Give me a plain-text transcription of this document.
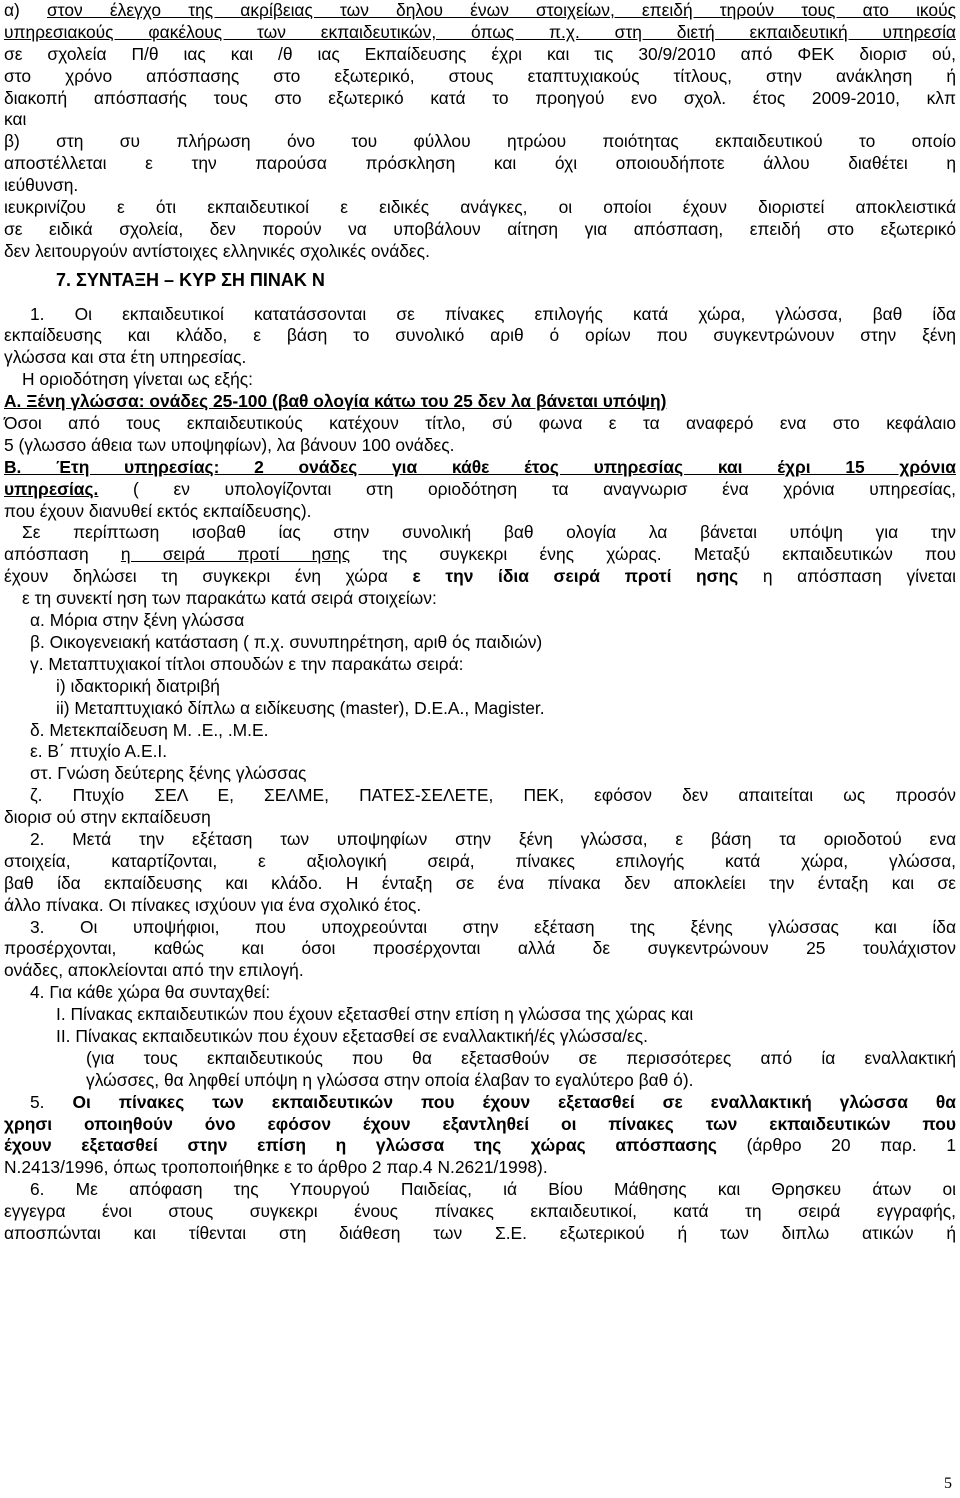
α) στον έλεγχο της ακρίβειας των δηλου ένων στοιχείων, επειδή τηρούν τους ατο ικούς
υπηρεσιακούς φακέλους των εκπαιδευτικών, όπως π.χ. στη διετή εκπαιδευτική υπηρεσία
σε σχολεία Π/θ ιας και /θ ιας Εκπαίδευσης έχρι και τις 30/9/2010 από ΦΕΚ διορισ ού,
στο χρόνο απόσπασης στο εξωτερικό, στους εταπτυχιακούς τίτλους, στην ανάκληση ή
διακοπή απόσπασής τους στο εξωτερικό κατά το προηγού ενο σχολ. έτος 2009-2010, κλπ
και
β) στη συ πλήρωση όνο του φύλλου ητρώου ποιότητας εκπαιδευτικού το οποίο
αποστέλλεται ε την παρούσα πρόσκληση και όχι οποιουδήποτε άλλου διαθέτει η
ιεύθυνση.
ιευκρινίζου ε ότι εκπαιδευτικοί ε ειδικές ανάγκες, οι οποίοι έχουν διοριστεί αποκλειστικά
σε ειδικά σχολεία, δεν πορούν να υποβάλουν αίτηση για απόσπαση, επειδή στο εξωτερικό
δεν λειτουργούν αντίστοιχες ελληνικές σχολικές ονάδες.
7. ΣΥΝΤΑΞΗ – ΚΥΡ ΣΗ ΠΙΝΑΚ Ν
1. Οι εκπαιδευτικοί κατατάσσονται σε πίνακες επιλογής κατά χώρα, γλώσσα, βαθ ίδα
εκπαίδευσης και κλάδο, ε βάση το συνολικό αριθ ό ορίων που συγκεντρώνουν στην ξένη
γλώσσα και στα έτη υπηρεσίας.
Η οριοδότηση γίνεται ως εξής:
Α. Ξένη γλώσσα: ονάδες 25-100 (βαθ ολογία κάτω του 25 δεν λα βάνεται υπόψη)
Όσοι από τους εκπαιδευτικούς κατέχουν τίτλο, σύ φωνα ε τα αναφερό ενα στο κεφάλαιο
5 (γλωσσο άθεια των υποψηφίων), λα βάνουν 100 ονάδες.
Β. Έτη υπηρεσίας: 2 ονάδες για κάθε έτος υπηρεσίας και έχρι 15 χρόνια
υπηρεσίας. ( εν υπολογίζονται στη οριοδότηση τα αναγνωρισ ένα χρόνια υπηρεσίας,
που έχουν διανυθεί εκτός εκπαίδευσης).
Σε περίπτωση ισοβαθ ίας στην συνολική βαθ ολογία λα βάνεται υπόψη για την
απόσπαση η σειρά προτί ησης της συγκεκρι ένης χώρας. Μεταξύ εκπαιδευτικών που
έχουν δηλώσει τη συγκεκρι ένη χώρα ε την ίδια σειρά προτί ησης η απόσπαση γίνεται
ε τη συνεκτί ηση των παρακάτω κατά σειρά στοιχείων:
α. Μόρια στην ξένη γλώσσα
β. Οικογενειακή κατάσταση ( π.χ. συνυπηρέτηση, αριθ ός παιδιών)
γ. Μεταπτυχιακοί τίτλοι σπουδών ε την παρακάτω σειρά:
i) ιδακτορική διατριβή
ii) Μεταπτυχιακό δίπλω α ειδίκευσης (master), D.E.A., Magister.
δ. Μετεκπαίδευση Μ. .Ε., .Μ.Ε.
ε. Β΄ πτυχίο Α.Ε.Ι.
στ. Γνώση δεύτερης ξένης γλώσσας
ζ. Πτυχίο ΣΕΛ Ε, ΣΕΛΜΕ, ΠΑΤΕΣ-ΣΕΛΕΤΕ, ΠΕΚ, εφόσον δεν απαιτείται ως προσόν
διορισ ού στην εκπαίδευση
2. Μετά την εξέταση των υποψηφίων στην ξένη γλώσσα, ε βάση τα οριοδοτού ενα
στοιχεία, καταρτίζονται, ε αξιολογική σειρά, πίνακες επιλογής κατά χώρα, γλώσσα,
βαθ ίδα εκπαίδευσης και κλάδο. Η ένταξη σε ένα πίνακα δεν αποκλείει την ένταξη και σε
άλλο πίνακα. Οι πίνακες ισχύουν για ένα σχολικό έτος.
3. Οι υποψήφιοι, που υποχρεούνται στην εξέταση της ξένης γλώσσας και ίδα
προσέρχονται, καθώς και όσοι προσέρχονται αλλά δε συγκεντρώνουν 25 τουλάχιστον
ονάδες, αποκλείονται από την επιλογή.
4. Για κάθε χώρα θα συνταχθεί:
Ι. Πίνακας εκπαιδευτικών που έχουν εξετασθεί στην επίση η γλώσσα της χώρας και
ΙΙ. Πίνακας εκπαιδευτικών που έχουν εξετασθεί σε εναλλακτική/ές γλώσσα/ες.
(για τους εκπαιδευτικούς που θα εξετασθούν σε περισσότερες από ία εναλλακτική
γλώσσες, θα ληφθεί υπόψη η γλώσσα στην οποία έλαβαν το εγαλύτερο βαθ ό).
5. Οι πίνακες των εκπαιδευτικών που έχουν εξετασθεί σε εναλλακτική γλώσσα θα
χρησι οποιηθούν όνο εφόσον έχουν εξαντληθεί οι πίνακες των εκπαιδευτικών που
έχουν εξετασθεί στην επίση η γλώσσα της χώρας απόσπασης (άρθρο 20 παρ. 1
Ν.2413/1996, όπως τροποποιήθηκε ε το άρθρο 2 παρ.4 Ν.2621/1998).
6. Με απόφαση της Υπουργού Παιδείας, ιά Βίου Μάθησης και Θρησκευ άτων οι
εγγεγρα ένοι στους συγκεκρι ένους πίνακες εκπαιδευτικοί, κατά τη σειρά εγγραφής,
αποσπώνται και τίθενται στη διάθεση των Σ.Ε. εξωτερικού ή των διπλω ατικών ή
5
